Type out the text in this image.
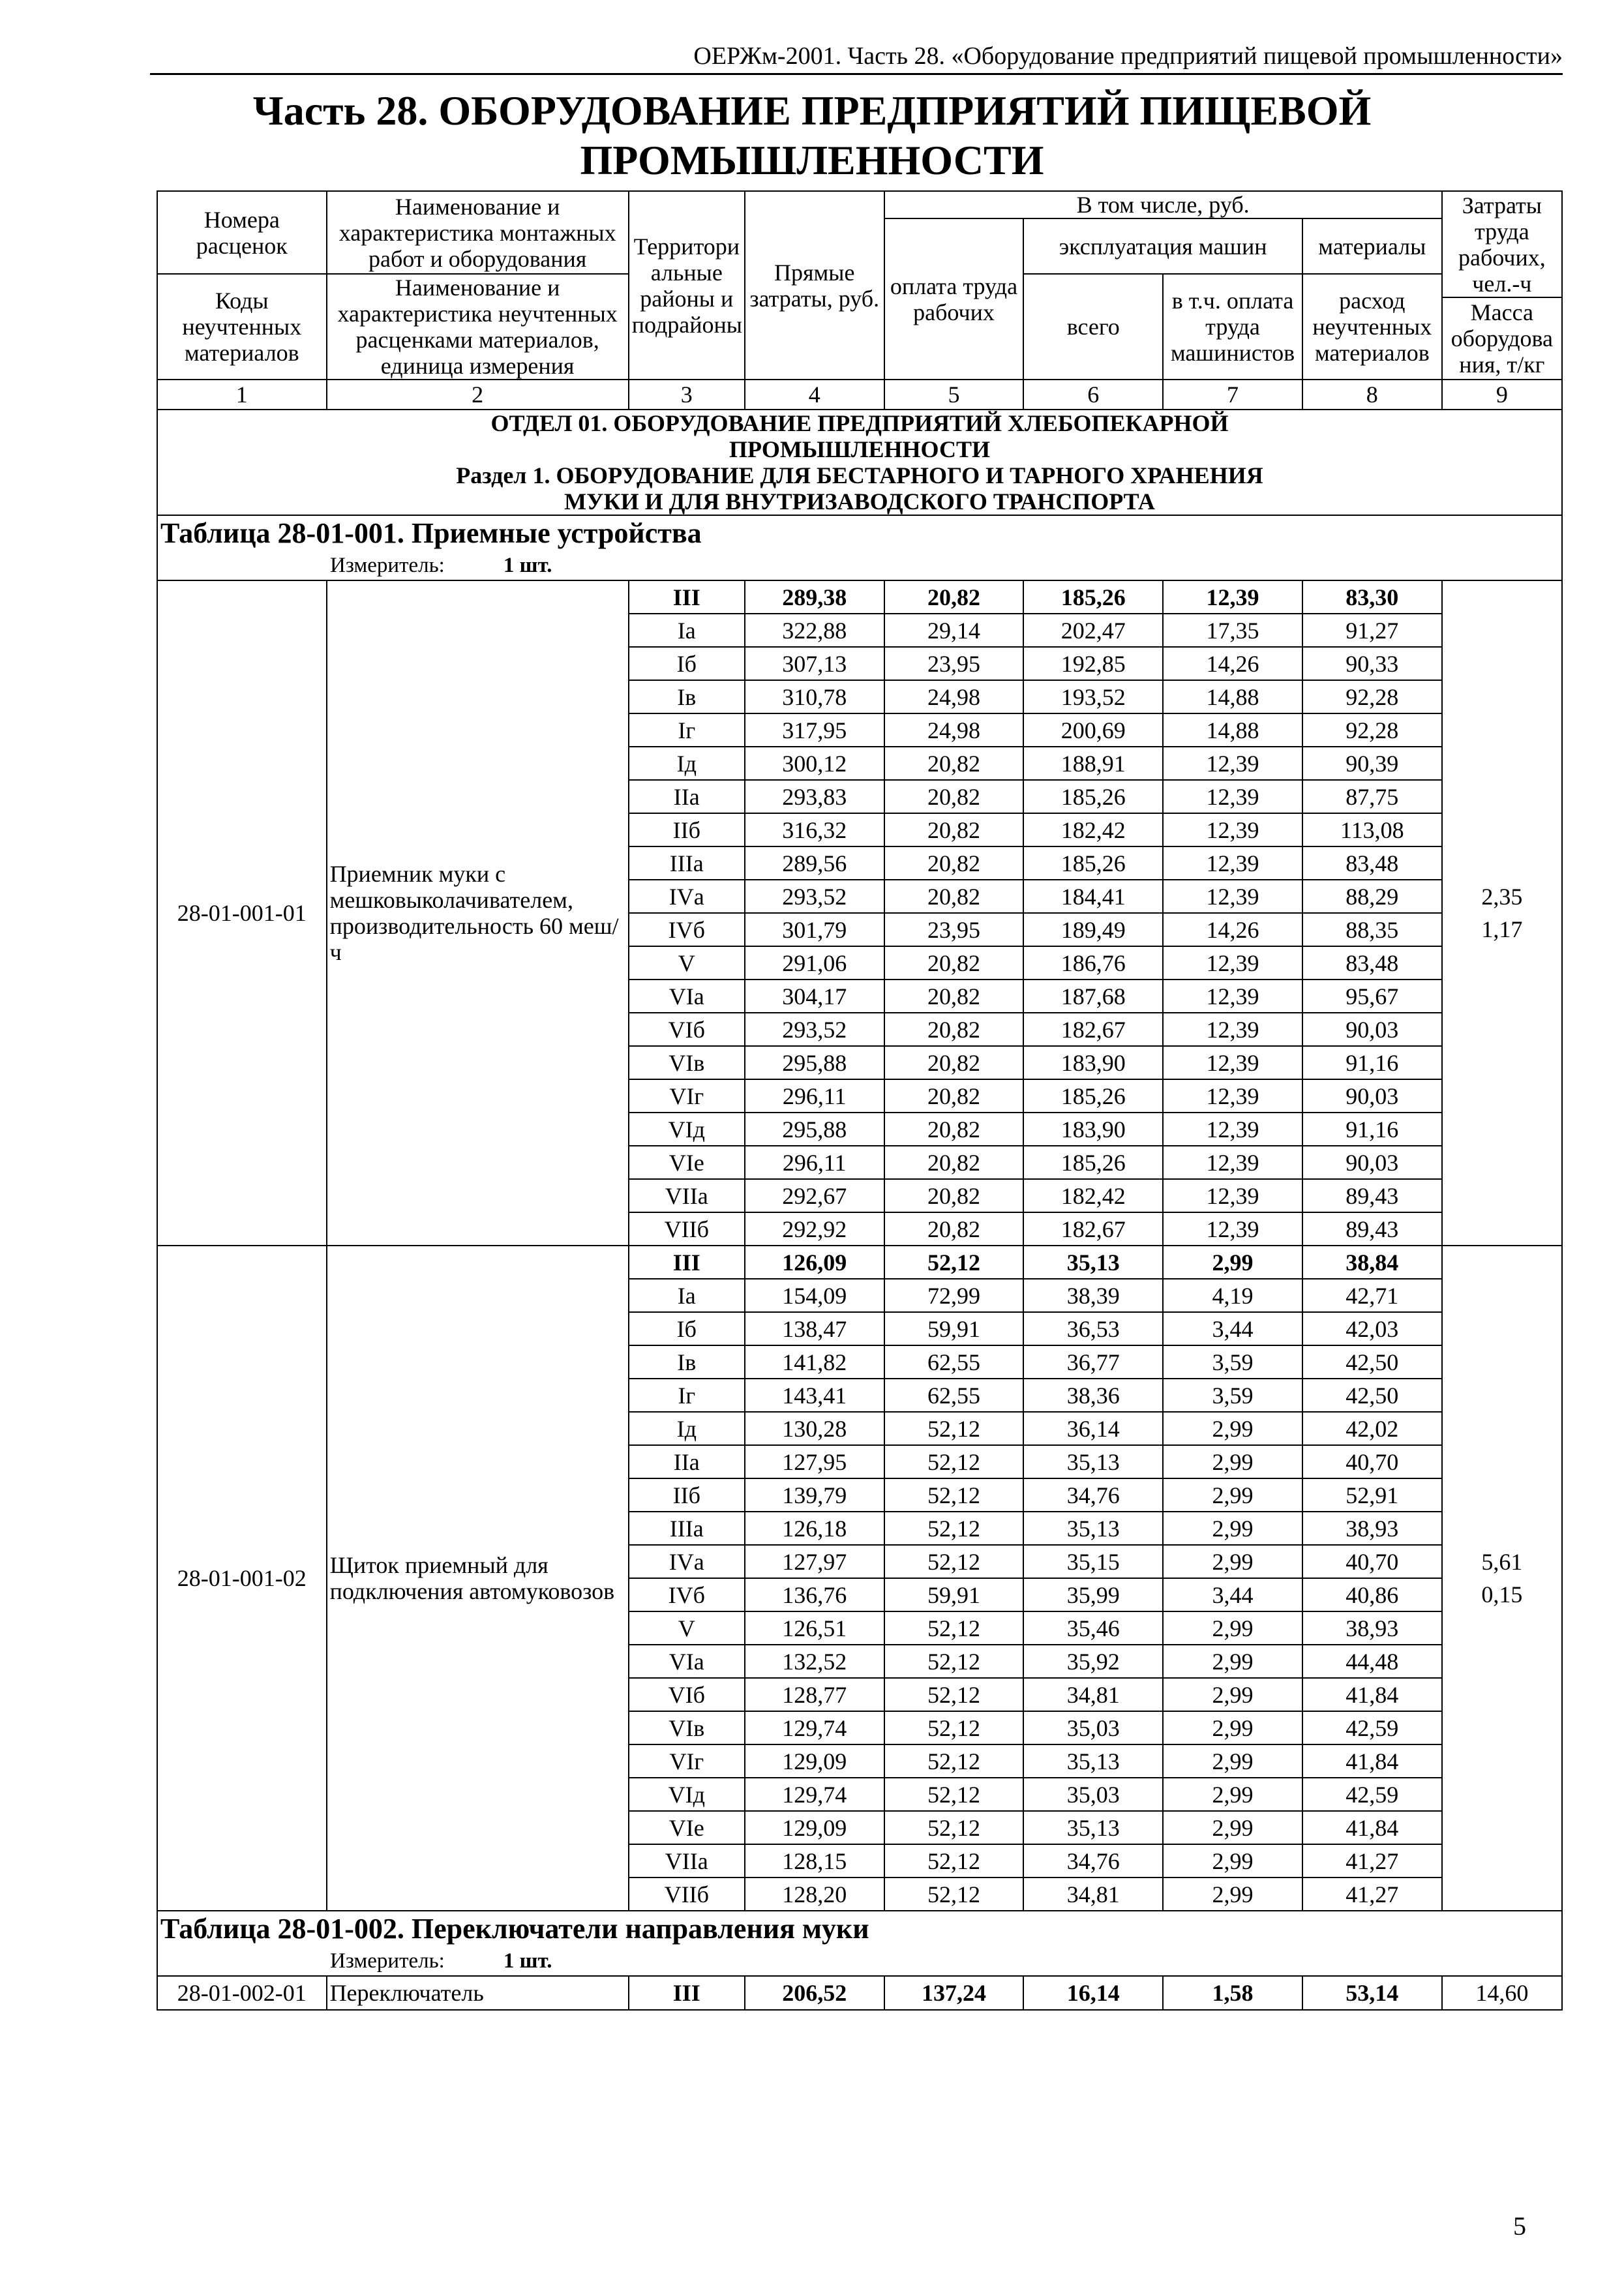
ОЕРЖм-2001. Часть 28. «Оборудование предприятий пищевой промышленности»
Часть 28. ОБОРУДОВАНИЕ ПРЕДПРИЯТИЙ ПИЩЕВОЙ
ПРОМЫШЛЕННОСТИ
Номера расценок	Наименование и характеристика монтажных работ и оборудования	Территори альные районы и подрайоны	Прямые затраты, руб.	В том числе, руб.				Затраты труда рабочих, чел.-ч
				оплата труда рабочих	эксплуатация машин		материалы	
Коды неучтенных материалов	Наименование и характеристика неучтенных расценками материалов, единица измерения				всего	в т.ч. оплата труда машинистов	расход неучтенных материалов	
								Масса оборудова ния, т/кг
1	2	3	4	5	6	7	8	9

ОТДЕЛ 01. ОБОРУДОВАНИЕ ПРЕДПРИЯТИЙ ХЛЕБОПЕКАРНОЙ
ПРОМЫШЛЕННОСТИ
Раздел 1. ОБОРУДОВАНИЕ ДЛЯ БЕСТАРНОГО И ТАРНОГО ХРАНЕНИЯ
МУКИ И ДЛЯ ВНУТРИЗАВОДСКОГО ТРАНСПОРТА								

Таблица 28-01-001. Приемные устройства
Измеритель: 1 шт.								

28-01-001-01	Приемник муки с мешковыколачивателем, производительность 60 меш/ч	III	289,38	20,82	185,26	12,39	83,30	2,35
1,17

		Iа	322,88	29,14	202,47	17,35	91,27	
		Iб	307,13	23,95	192,85	14,26	90,33	
		Iв	310,78	24,98	193,52	14,88	92,28	
		Iг	317,95	24,98	200,69	14,88	92,28	
		Iд	300,12	20,82	188,91	12,39	90,39	
		IIа	293,83	20,82	185,26	12,39	87,75	
		IIб	316,32	20,82	182,42	12,39	113,08	
		IIIа	289,56	20,82	185,26	12,39	83,48	
		IVа	293,52	20,82	184,41	12,39	88,29	
		IVб	301,79	23,95	189,49	14,26	88,35	
		V	291,06	20,82	186,76	12,39	83,48	
		VIа	304,17	20,82	187,68	12,39	95,67	
		VIб	293,52	20,82	182,67	12,39	90,03	
		VIв	295,88	20,82	183,90	12,39	91,16	
		VIг	296,11	20,82	185,26	12,39	90,03	
		VIд	295,88	20,82	183,90	12,39	91,16	
		VIе	296,11	20,82	185,26	12,39	90,03	
		VIIа	292,67	20,82	182,42	12,39	89,43	
		VIIб	292,92	20,82	182,67	12,39	89,43	
28-01-001-02	Щиток приемный для подключения автомуковозов	III	126,09	52,12	35,13	2,99	38,84	5,61
0,15

		Iа	154,09	72,99	38,39	4,19	42,71	
		Iб	138,47	59,91	36,53	3,44	42,03	
		Iв	141,82	62,55	36,77	3,59	42,50	
		Iг	143,41	62,55	38,36	3,59	42,50	
		Iд	130,28	52,12	36,14	2,99	42,02	
		IIа	127,95	52,12	35,13	2,99	40,70	
		IIб	139,79	52,12	34,76	2,99	52,91	
		IIIа	126,18	52,12	35,13	2,99	38,93	
		IVа	127,97	52,12	35,15	2,99	40,70	
		IVб	136,76	59,91	35,99	3,44	40,86	
		V	126,51	52,12	35,46	2,99	38,93	
		VIа	132,52	52,12	35,92	2,99	44,48	
		VIб	128,77	52,12	34,81	2,99	41,84	
		VIв	129,74	52,12	35,03	2,99	42,59	
		VIг	129,09	52,12	35,13	2,99	41,84	
		VIд	129,74	52,12	35,03	2,99	42,59	
		VIе	129,09	52,12	35,13	2,99	41,84	
		VIIа	128,15	52,12	34,76	2,99	41,27	
		VIIб	128,20	52,12	34,81	2,99	41,27	

Таблица 28-01-002. Переключатели направления муки
Измеритель: 1 шт.								

28-01-002-01	Переключатель	III	206,52	137,24	16,14	1,58	53,14	14,60
5
